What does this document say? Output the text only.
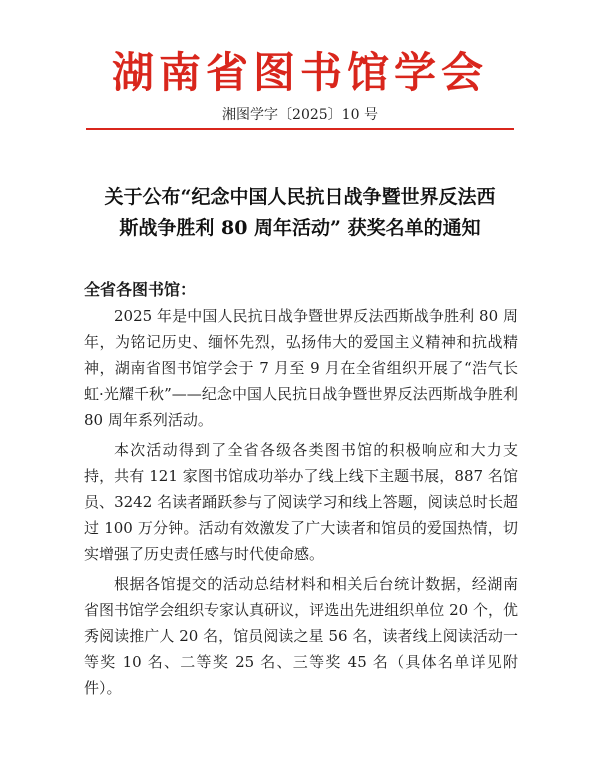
湖南省图书馆学会
湘图学字〔2025〕10 号
关于公布“纪念中国人民抗日战争暨世界反法西
斯战争胜利 80 周年活动” 获奖名单的通知
全省各图书馆：

2025 年是中国人民抗日战争暨世界反法西斯战争胜利 80 周年，为铭记历史、缅怀先烈，弘扬伟大的爱国主义精神和抗战精神，湖南省图书馆学会于 7 月至 9 月在全省组织开展了“浩气长虹·光耀千秋”——纪念中国人民抗日战争暨世界反法西斯战争胜利 80 周年系列活动。

本次活动得到了全省各级各类图书馆的积极响应和大力支持，共有 121 家图书馆成功举办了线上线下主题书展，887 名馆员、3242 名读者踊跃参与了阅读学习和线上答题，阅读总时长超过 100 万分钟。活动有效激发了广大读者和馆员的爱国热情，切实增强了历史责任感与时代使命感。

根据各馆提交的活动总结材料和相关后台统计数据，经湖南省图书馆学会组织专家认真研议，评选出先进组织单位 20 个，优秀阅读推广人 20 名，馆员阅读之星 56 名，读者线上阅读活动一等奖 10 名、二等奖 25 名、三等奖 45 名（具体名单详见附件）。
